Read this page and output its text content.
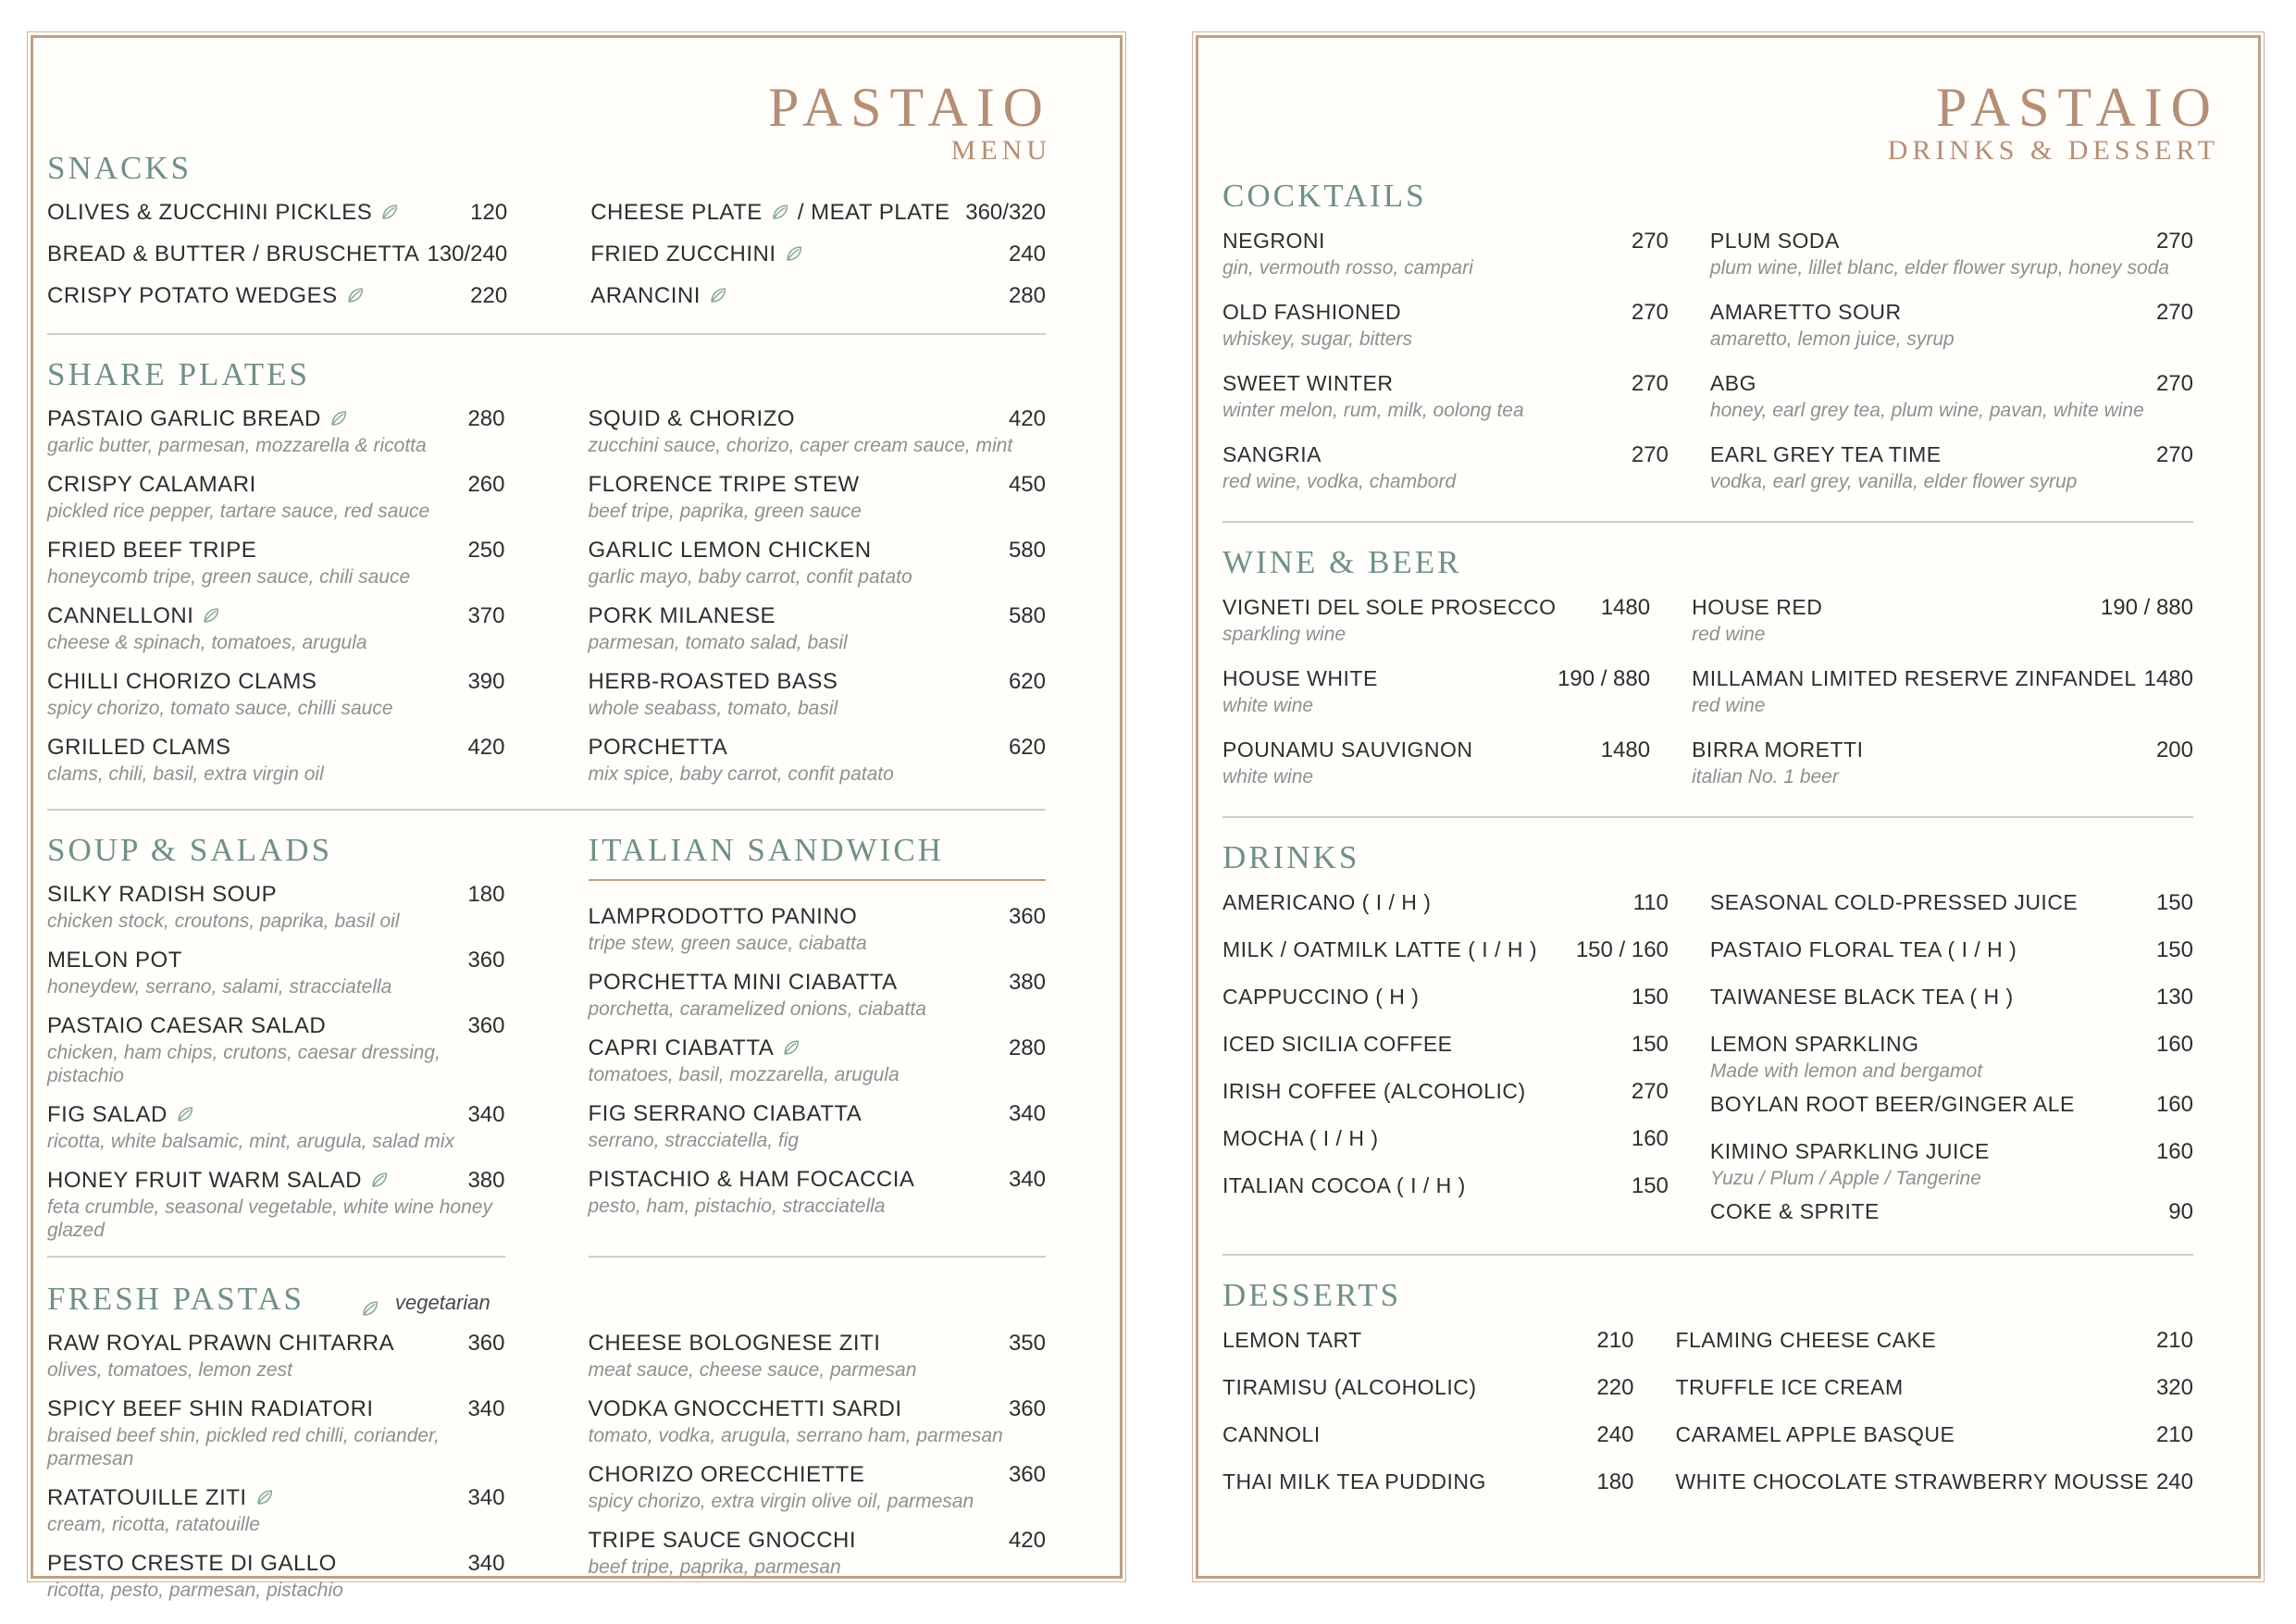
PASTAIO
MENU
SNACKS
OLIVES & ZUCCHINI PICKLES	120
BREAD & BUTTER / BRUSCHETTA 130/240
CRISPY POTATO WEDGES	220
CHEESE PLATE / MEAT PLATE 360/320
FRIED ZUCCHINI	240
ARANCINI	280
SHARE PLATES
PASTAIO GARLIC BREAD	280
garlic butter, parmesan, mozzarella & ricotta
CRISPY CALAMARI	260
pickled rice pepper, tartare sauce, red sauce
FRIED BEEF TRIPE	250
honeycomb tripe, green sauce, chili sauce
CANNELLONI	370
cheese & spinach, tomatoes, arugula
CHILLI CHORIZO CLAMS	390
spicy chorizo, tomato sauce, chilli sauce
GRILLED CLAMS	420
clams, chili, basil, extra virgin oil
SQUID & CHORIZO	420
zucchini sauce, chorizo, caper cream sauce, mint
FLORENCE TRIPE STEW	450
beef tripe, paprika, green sauce
GARLIC LEMON CHICKEN	580
garlic mayo, baby carrot, confit patato
PORK MILANESE	580
parmesan, tomato salad, basil
HERB-ROASTED BASS	620
whole seabass, tomato, basil
PORCHETTA	620
mix spice, baby carrot, confit patato
SOUP & SALADS
SILKY RADISH SOUP	180
chicken stock, croutons, paprika, basil oil
MELON POT	360
honeydew, serrano, salami, stracciatella
PASTAIO CAESAR SALAD	360
chicken, ham chips, crutons, caesar dressing, pistachio
FIG SALAD	340
ricotta, white balsamic, mint, arugula, salad mix
HONEY FRUIT WARM SALAD	380
feta crumble, seasonal vegetable, white wine honey glazed
ITALIAN SANDWICH
LAMPRODOTTO PANINO	360
tripe stew, green sauce, ciabatta
PORCHETTA MINI CIABATTA	380
porchetta, caramelized onions, ciabatta
CAPRI CIABATTA	280
tomatoes, basil, mozzarella, arugula
FIG SERRANO CIABATTA	340
serrano, stracciatella, fig
PISTACHIO & HAM FOCACCIA	340
pesto, ham, pistachio, stracciatella
FRESH PASTAS	vegetarian
RAW ROYAL PRAWN CHITARRA	360
olives, tomatoes, lemon zest
SPICY BEEF SHIN RADIATORI	340
braised beef shin, pickled red chilli, coriander, parmesan
RATATOUILLE ZITI	340
cream, ricotta, ratatouille
PESTO CRESTE DI GALLO	340
ricotta, pesto, parmesan, pistachio
CHEESE BOLOGNESE ZITI	350
meat sauce, cheese sauce, parmesan
VODKA GNOCCHETTI SARDI	360
tomato, vodka, arugula, serrano ham, parmesan
CHORIZO ORECCHIETTE	360
spicy chorizo, extra virgin olive oil, parmesan
TRIPE SAUCE GNOCCHI	420
beef tripe, paprika, parmesan
PASTAIO
DRINKS & DESSERT
COCKTAILS
NEGRONI	270
gin, vermouth rosso, campari
OLD FASHIONED	270
whiskey, sugar, bitters
SWEET WINTER	270
winter melon, rum, milk, oolong tea
SANGRIA	270
red wine, vodka, chambord
PLUM SODA	270
plum wine, lillet blanc, elder flower syrup, honey soda
AMARETTO SOUR	270
amaretto, lemon juice, syrup
ABG	270
honey, earl grey tea, plum wine, pavan, white wine
EARL GREY TEA TIME	270
vodka, earl grey, vanilla, elder flower syrup
WINE & BEER
VIGNETI DEL SOLE PROSECCO 1480
sparkling wine
HOUSE WHITE	190 / 880
white wine
POUNAMU SAUVIGNON	1480
white wine
HOUSE RED	190 / 880
red wine
MILLAMAN LIMITED RESERVE ZINFANDEL 1480
red wine
BIRRA MORETTI	200
italian No. 1 beer
DRINKS
AMERICANO ( I / H )	110
MILK / OATMILK LATTE ( I / H ) 150 / 160
CAPPUCCINO ( H )	150
ICED SICILIA COFFEE	150
IRISH COFFEE (ALCOHOLIC)	270
MOCHA ( I / H )	160
ITALIAN COCOA ( I / H )	150
SEASONAL COLD-PRESSED JUICE	150
PASTAIO FLORAL TEA ( I / H )	150
TAIWANESE BLACK TEA ( H )	130
LEMON SPARKLING	160
Made with lemon and bergamot
BOYLAN ROOT BEER/GINGER ALE	160
KIMINO SPARKLING JUICE	160
Yuzu / Plum / Apple / Tangerine
COKE & SPRITE	90
DESSERTS
LEMON TART	210
TIRAMISU (ALCOHOLIC)	220
CANNOLI	240
THAI MILK TEA PUDDING	180
FLAMING CHEESE CAKE	210
TRUFFLE ICE CREAM	320
CARAMEL APPLE BASQUE	210
WHITE CHOCOLATE STRAWBERRY MOUSSE 240
